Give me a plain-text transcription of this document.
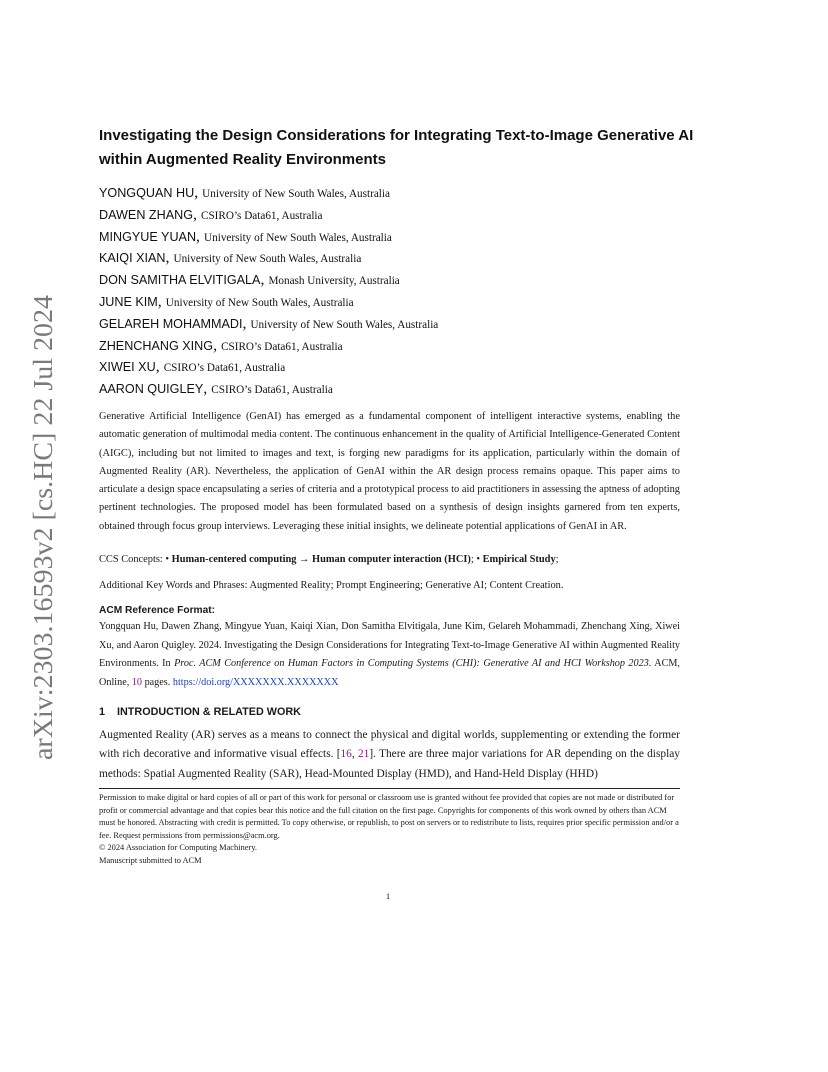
arXiv:2303.16593v2 [cs.HC] 22 Jul 2024
Investigating the Design Considerations for Integrating Text-to-Image Generative AI within Augmented Reality Environments
YONGQUAN HU, University of New South Wales, Australia
DAWEN ZHANG, CSIRO’s Data61, Australia
MINGYUE YUAN, University of New South Wales, Australia
KAIQI XIAN, University of New South Wales, Australia
DON SAMITHA ELVITIGALA, Monash University, Australia
JUNE KIM, University of New South Wales, Australia
GELAREH MOHAMMADI, University of New South Wales, Australia
ZHENCHANG XING, CSIRO’s Data61, Australia
XIWEI XU, CSIRO’s Data61, Australia
AARON QUIGLEY, CSIRO’s Data61, Australia
Generative Artificial Intelligence (GenAI) has emerged as a fundamental component of intelligent interactive systems, enabling the automatic generation of multimodal media content. The continuous enhancement in the quality of Artificial Intelligence-Generated Content (AIGC), including but not limited to images and text, is forging new paradigms for its application, particularly within the domain of Augmented Reality (AR). Nevertheless, the application of GenAI within the AR design process remains opaque. This paper aims to articulate a design space encapsulating a series of criteria and a prototypical process to aid practitioners in assessing the aptness of adopting pertinent technologies. The proposed model has been formulated based on a synthesis of design insights garnered from ten experts, obtained through focus group interviews. Leveraging these initial insights, we delineate potential applications of GenAI in AR.
CCS Concepts: • Human-centered computing → Human computer interaction (HCI); • Empirical Study;
Additional Key Words and Phrases: Augmented Reality; Prompt Engineering; Generative AI; Content Creation.
ACM Reference Format:
Yongquan Hu, Dawen Zhang, Mingyue Yuan, Kaiqi Xian, Don Samitha Elvitigala, June Kim, Gelareh Mohammadi, Zhenchang Xing, Xiwei Xu, and Aaron Quigley. 2024. Investigating the Design Considerations for Integrating Text-to-Image Generative AI within Augmented Reality Environments. In Proc. ACM Conference on Human Factors in Computing Systems (CHI): Generative AI and HCI Workshop 2023. ACM, Online, 10 pages. https://doi.org/XXXXXXX.XXXXXXX
1 INTRODUCTION & RELATED WORK
Augmented Reality (AR) serves as a means to connect the physical and digital worlds, supplementing or extending the former with rich decorative and informative visual effects. [16, 21]. There are three major variations for AR depending on the display methods: Spatial Augmented Reality (SAR), Head-Mounted Display (HMD), and Hand-Held Display (HHD)
Permission to make digital or hard copies of all or part of this work for personal or classroom use is granted without fee provided that copies are not made or distributed for profit or commercial advantage and that copies bear this notice and the full citation on the first page. Copyrights for components of this work owned by others than ACM must be honored. Abstracting with credit is permitted. To copy otherwise, or republish, to post on servers or to redistribute to lists, requires prior specific permission and/or a fee. Request permissions from permissions@acm.org.
© 2024 Association for Computing Machinery.
Manuscript submitted to ACM
1
